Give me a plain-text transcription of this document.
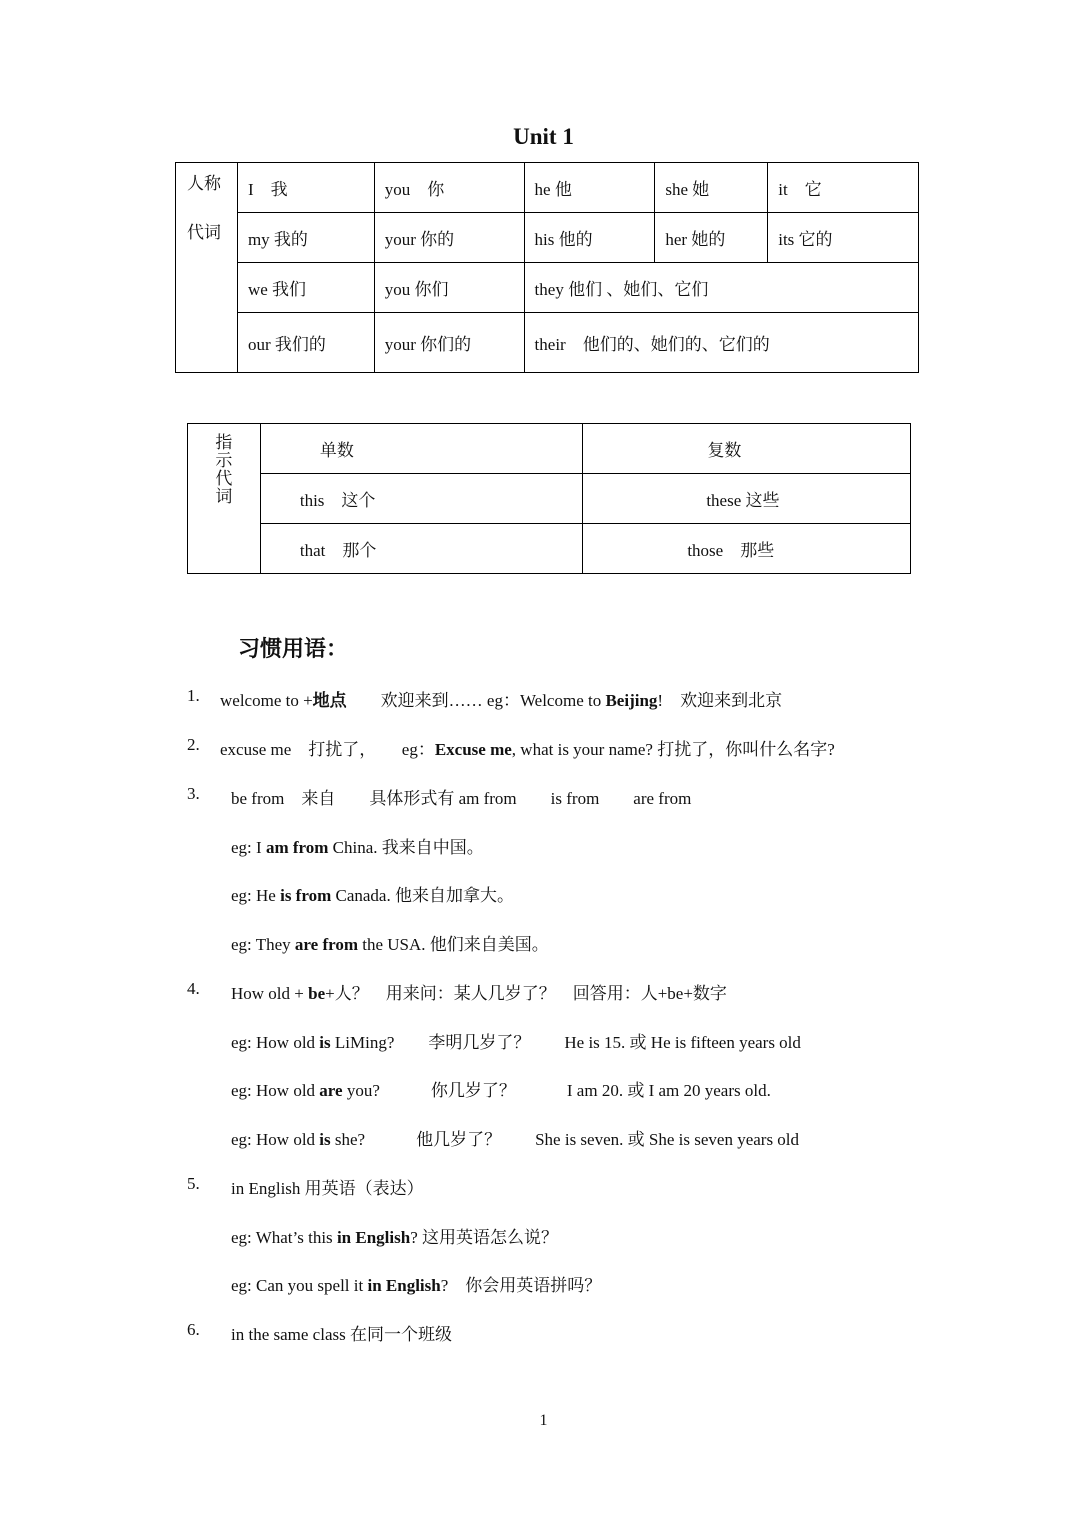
Unit 1
人称
代词	I　我	you　你	he 他	she 她	it　它
	my 我的	your 你的	his 他的	her 她的	its 它的
	we 我们	you 你们	they 他们 、她们、它们		
	our 我们的	your 你们的	their　他们的、她们的、它们的		
指示代词	单数	复数
	this　这个	these 这些
	that　那个	those　那些
习惯用语：
1. welcome to +地点　　欢迎来到…… eg：Welcome to Beijing!　欢迎来到北京
2. excuse me　打扰了，　　eg：Excuse me, what is your name? 打扰了，你叫什么名字?
3. be from　来自　　具体形式有 am from　　is from　　are from
eg: I am from China. 我来自中国。
eg: He is from Canada. 他来自加拿大。
eg: They are from the USA. 他们来自美国。
4. How old + be+人？　用来问：某人几岁了？　回答用：人+be+数字
eg: How old is LiMing?　　李明几岁了？　　He is 15. 或 He is fifteen years old
eg: How old are you?　　　你几岁了？　　　I am 20. 或 I am 20 years old.
eg: How old is she?　　　他几岁了？　　She is seven. 或 She is seven years old
5. in English 用英语（表达）
eg: What’s this in English? 这用英语怎么说？
eg: Can you spell it in English?　你会用英语拼吗？
6. in the same class 在同一个班级
1
